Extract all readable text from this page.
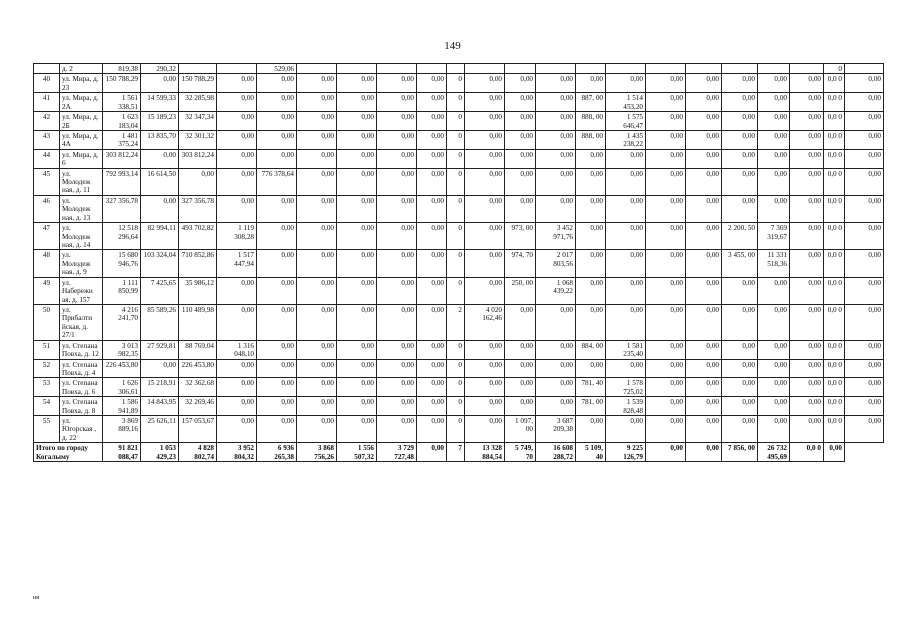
149
	д. 2	819,38	290,32			529,06																0	
40	ул. Мира, д. 23	150 788,29	0,00	150 788,29	0,00	0,00	0,00	0,00	0,00	0,00	0	0,00	0,00	0,00	0,00	0,00	0,00	0,00	0,00	0,00	0,00	0,0 0	0,00
41	ул. Мира, д. 2А	1 561 338,51	14 599,33	32 285,98	0,00	0,00	0,00	0,00	0,00	0,00	0	0,00	0,00	0,00	887, 00	1 514 453,20	0,00	0,00	0,00	0,00	0,00	0,0 0	0,00
42	ул. Мира, д. 2Б	1 623 183,04	15 189,23	32 347,34	0,00	0,00	0,00	0,00	0,00	0,00	0	0,00	0,00	0,00	888, 00	1 575 646,47	0,00	0,00	0,00	0,00	0,00	0,0 0	0,00
43	ул. Мира, д. 4А	1 481 375,24	13 835,70	32 301,32	0,00	0,00	0,00	0,00	0,00	0,00	0	0,00	0,00	0,00	888, 00	1 435 238,22	0,00	0,00	0,00	0,00	0,00	0,0 0	0,00
44	ул. Мира, д. 6	303 812,24	0,00	303 812,24	0,00	0,00	0,00	0,00	0,00	0,00	0	0,00	0,00	0,00	0,00	0,00	0,00	0,00	0,00	0,00	0,00	0,0 0	0,00
45	ул. Молодеж ная, д. 11	792 993,14	16 614,50	0,00	0,00	776 378,64	0,00	0,00	0,00	0,00	0	0,00	0,00	0,00	0,00	0,00	0,00	0,00	0,00	0,00	0,00	0,0 0	0,00
46	ул. Молодеж ная, д. 13	327 356,78	0,00	327 356,78	0,00	0,00	0,00	0,00	0,00	0,00	0	0,00	0,00	0,00	0,00	0,00	0,00	0,00	0,00	0,00	0,00	0,0 0	0,00
47	ул. Молодеж ная, д. 14	12 518 296,64	82 994,11	493 702,82	1 119 308,28	0,00	0,00	0,00	0,00	0,00	0	0,00	973, 00	3 452 971,76	0,00	0,00	0,00	0,00	2 200, 50	7 369 319,67	0,00	0,0 0	0,00
48	ул. Молодеж ная, д. 9	15 680 946,76	103 324,04	710 852,86	1 517 447,94	0,00	0,00	0,00	0,00	0,00	0	0,00	974, 70	2 017 803,56	0,00	0,00	0,00	0,00	3 455, 00	11 331 518,36	0,00	0,0 0	0,00
49	ул. Набережн ая, д. 157	1 111 850,99	7 425,65	35 986,12	0,00	0,00	0,00	0,00	0,00	0,00	0	0,00	250, 00	1 068 439,22	0,00	0,00	0,00	0,00	0,00	0,00	0,00	0,0 0	0,00
50	ул. Прибалти йская, д. 27/1	4 216 241,70	85 589,26	110 489,98	0,00	0,00	0,00	0,00	0,00	0,00	2	4 020 162,46	0,00	0,00	0,00	0,00	0,00	0,00	0,00	0,00	0,00	0,0 0	0,00
51	ул. Степана Повха, д. 12	3 013 982,35	27 929,81	88 769,04	1 316 048,10	0,00	0,00	0,00	0,00	0,00	0	0,00	0,00	0,00	884, 00	1 581 235,40	0,00	0,00	0,00	0,00	0,00	0,0 0	0,00
52	ул. Степана Повха, д. 4	226 453,80	0,00	226 453,80	0,00	0,00	0,00	0,00	0,00	0,00	0	0,00	0,00	0,00	0,00	0,00	0,00	0,00	0,00	0,00	0,00	0,0 0	0,00
53	ул. Степана Повха, д. 6	1 626 306,61	15 218,91	32 362,68	0,00	0,00	0,00	0,00	0,00	0,00	0	0,00	0,00	0,00	781, 40	1 578 725,02	0,00	0,00	0,00	0,00	0,00	0,0 0	0,00
54	ул. Степана Повха, д. 8	1 586 941,89	14 843,95	32 269,46	0,00	0,00	0,00	0,00	0,00	0,00	0	0,00	0,00	0,00	781, 00	1 539 828,48	0,00	0,00	0,00	0,00	0,00	0,0 0	0,00
55	ул. Югорская , д. 22	3 869 889,16	25 626,11	157 053,67	0,00	0,00	0,00	0,00	0,00	0,00	0	0,00	1 097, 00	3 687 209,38	0,00	0,00	0,00	0,00	0,00	0,00	0,00	0,0 0	0,00
Итого по городу Когалыму		91 821 088,47	1 053 429,23	4 828 802,74	3 952 804,32	6 936 265,38	3 868 756,26	1 556 507,32	3 729 727,48	0,00	7	13 328 884,54	5 749, 70	16 608 288,72	5 109, 40	9 225 126,79	0,00	0,00	7 856, 00	26 732 495,69	0,0 0	0,00	
ни
